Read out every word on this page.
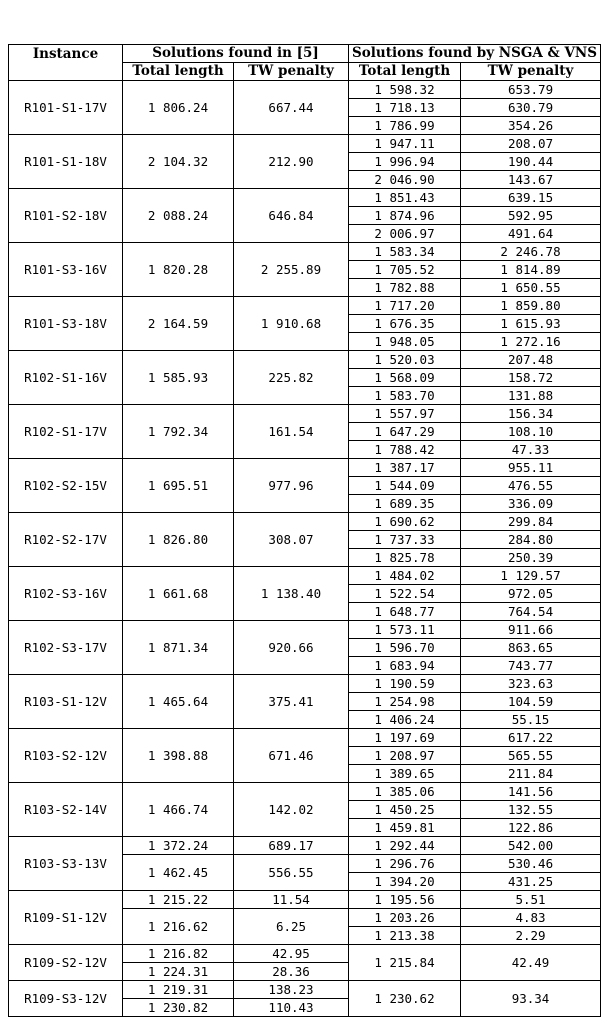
Instance	Solutions found in [5]		Solutions found by NSGA & VNS	
	Total length	TW penalty	Total length	TW penalty
R101-S1-17V	1 806.24	667.44	1 598.32	653.79
			1 718.13	630.79
			1 786.99	354.26
R101-S1-18V	2 104.32	212.90	1 947.11	208.07
			1 996.94	190.44
			2 046.90	143.67
R101-S2-18V	2 088.24	646.84	1 851.43	639.15
			1 874.96	592.95
			2 006.97	491.64
R101-S3-16V	1 820.28	2 255.89	1 583.34	2 246.78
			1 705.52	1 814.89
			1 782.88	1 650.55
R101-S3-18V	2 164.59	1 910.68	1 717.20	1 859.80
			1 676.35	1 615.93
			1 948.05	1 272.16
R102-S1-16V	1 585.93	225.82	1 520.03	207.48
			1 568.09	158.72
			1 583.70	131.88
R102-S1-17V	1 792.34	161.54	1 557.97	156.34
			1 647.29	108.10
			1 788.42	47.33
R102-S2-15V	1 695.51	977.96	1 387.17	955.11
			1 544.09	476.55
			1 689.35	336.09
R102-S2-17V	1 826.80	308.07	1 690.62	299.84
			1 737.33	284.80
			1 825.78	250.39
R102-S3-16V	1 661.68	1 138.40	1 484.02	1 129.57
			1 522.54	972.05
			1 648.77	764.54
R102-S3-17V	1 871.34	920.66	1 573.11	911.66
			1 596.70	863.65
			1 683.94	743.77
R103-S1-12V	1 465.64	375.41	1 190.59	323.63
			1 254.98	104.59
			1 406.24	55.15
R103-S2-12V	1 398.88	671.46	1 197.69	617.22
			1 208.97	565.55
			1 389.65	211.84
R103-S2-14V	1 466.74	142.02	1 385.06	141.56
			1 450.25	132.55
			1 459.81	122.86
R103-S3-13V	1 372.24	689.17	1 292.44	542.00
	1 462.45	556.55	1 296.76	530.46
			1 394.20	431.25
R109-S1-12V	1 215.22	11.54	1 195.56	5.51
	1 216.62	6.25	1 203.26	4.83
			1 213.38	2.29
R109-S2-12V	1 216.82	42.95	1 215.84	42.49
	1 224.31	28.36		
R109-S3-12V	1 219.31	138.23	1 230.62	93.34
	1 230.82	110.43		
